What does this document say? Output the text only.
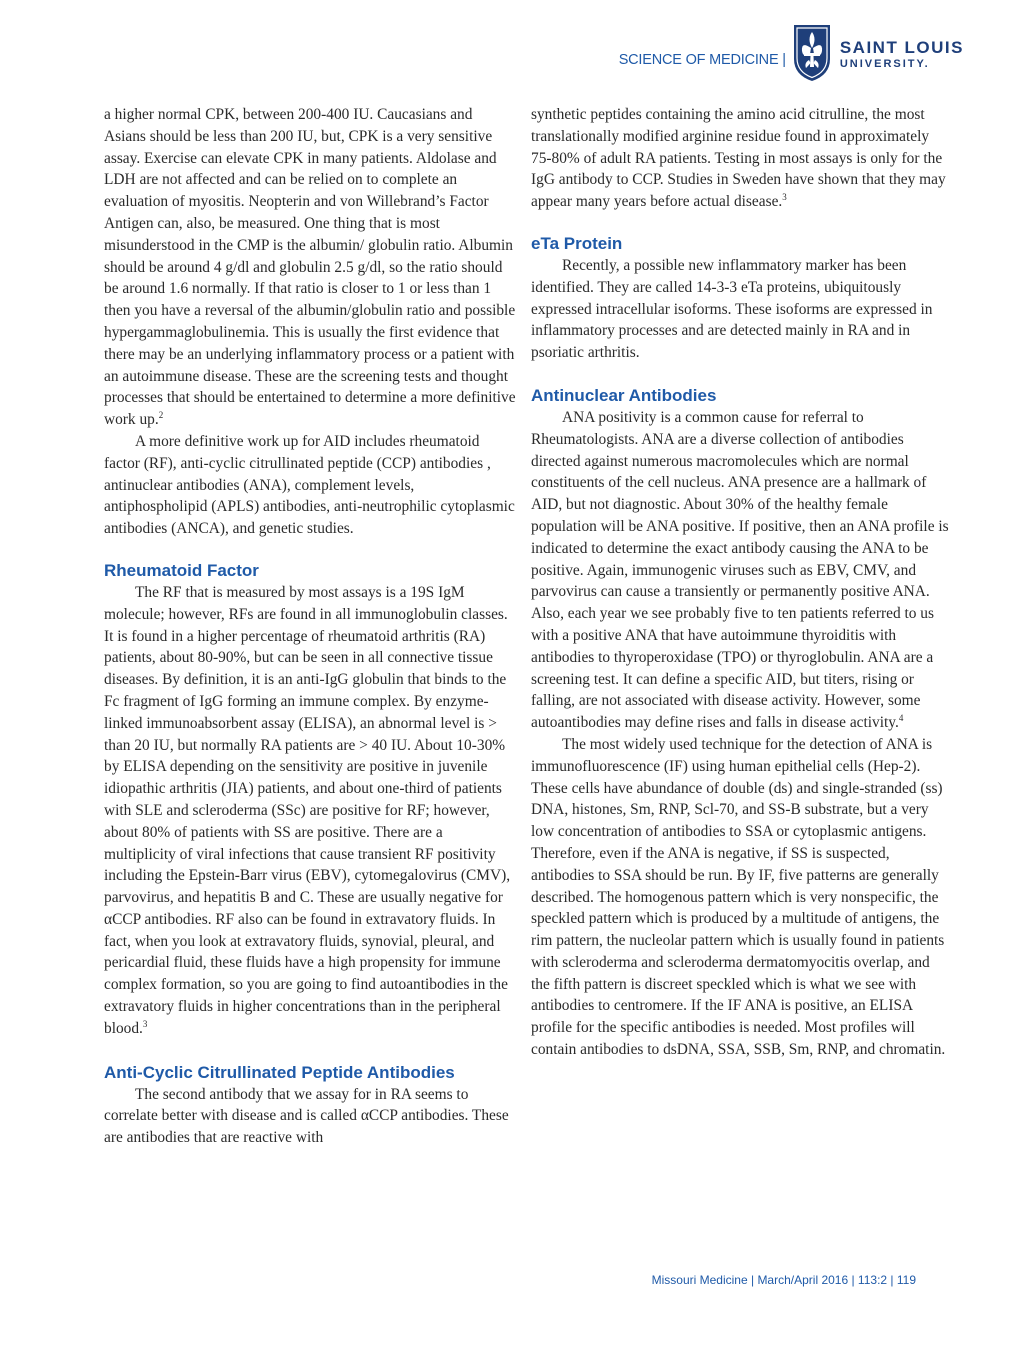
SCIENCE OF MEDICINE |
SAINT LOUIS
UNIVERSITY.

a higher normal CPK, between 200-400 IU. Caucasians and Asians should be less than 200 IU, but, CPK is a very sensitive assay. Exercise can elevate CPK in many patients. Aldolase and LDH are not affected and can be relied on to complete an evaluation of myositis. Neopterin and von Willebrand’s Factor Antigen can, also, be measured. One thing that is most misunderstood in the CMP is the albumin/ globulin ratio. Albumin should be around 4 g/dl and globulin 2.5 g/dl, so the ratio should be around 1.6 normally. If that ratio is closer to 1 or less than 1 then you have a reversal of the albumin/globulin ratio and possible hypergammaglobulinemia. This is usually the first evidence that there may be an underlying inflammatory process or a patient with an autoimmune disease. These are the screening tests and thought processes that should be entertained to determine a more definitive work up.$^2$

A more definitive work up for AID includes rheumatoid factor (RF), anti-cyclic citrullinated peptide (CCP) antibodies , antinuclear antibodies (ANA), complement levels, antiphospholipid (APLS) antibodies, anti-neutrophilic cytoplasmic antibodies (ANCA), and genetic studies.

Rheumatoid Factor

The RF that is measured by most assays is a 19S IgM molecule; however, RFs are found in all immunoglobulin classes. It is found in a higher percentage of rheumatoid arthritis (RA) patients, about 80-90%, but can be seen in all connective tissue diseases. By definition, it is an anti-IgG globulin that binds to the Fc fragment of IgG forming an immune complex. By enzyme-linked immunoabsorbent assay (ELISA), an abnormal level is > than 20 IU, but normally RA patients are > 40 IU. About 10-30% by ELISA depending on the sensitivity are positive in juvenile idiopathic arthritis (JIA) patients, and about one-third of patients with SLE and scleroderma (SSc) are positive for RF; however, about 80% of patients with SS are positive. There are a multiplicity of viral infections that cause transient RF positivity including the Epstein-Barr virus (EBV), cytomegalovirus (CMV), parvovirus, and hepatitis B and C. These are usually negative for αCCP antibodies. RF also can be found in extravatory fluids. In fact, when you look at extravatory fluids, synovial, pleural, and pericardial fluid, these fluids have a high propensity for immune complex formation, so you are going to find autoantibodies in the extravatory fluids in higher concentrations than in the peripheral blood.$^3$

Anti-Cyclic Citrullinated Peptide Antibodies

The second antibody that we assay for in RA seems to correlate better with disease and is called αCCP antibodies. These are antibodies that are reactive with

synthetic peptides containing the amino acid citrulline, the most translationally modified arginine residue found in approximately 75-80% of adult RA patients. Testing in most assays is only for the IgG antibody to CCP. Studies in Sweden have shown that they may appear many years before actual disease.$^3$

eTa Protein

Recently, a possible new inflammatory marker has been identified. They are called 14-3-3 eTa proteins, ubiquitously expressed intracellular isoforms. These isoforms are expressed in inflammatory processes and are detected mainly in RA and in psoriatic arthritis.

Antinuclear Antibodies

ANA positivity is a common cause for referral to Rheumatologists. ANA are a diverse collection of antibodies directed against numerous macromolecules which are normal constituents of the cell nucleus. ANA presence are a hallmark of AID, but not diagnostic. About 30% of the healthy female population will be ANA positive. If positive, then an ANA profile is indicated to determine the exact antibody causing the ANA to be positive. Again, immunogenic viruses such as EBV, CMV, and parvovirus can cause a transiently or permanently positive ANA. Also, each year we see probably five to ten patients referred to us with a positive ANA that have autoimmune thyroiditis with antibodies to thyroperoxidase (TPO) or thyroglobulin. ANA are a screening test. It can define a specific AID, but titers, rising or falling, are not associated with disease activity. However, some autoantibodies may define rises and falls in disease activity.$^4$

The most widely used technique for the detection of ANA is immunofluorescence (IF) using human epithelial cells (Hep-2). These cells have abundance of double (ds) and single-stranded (ss) DNA, histones, Sm, RNP, Scl-70, and SS-B substrate, but a very low concentration of antibodies to SSA or cytoplasmic antigens. Therefore, even if the ANA is negative, if SS is suspected, antibodies to SSA should be run. By IF, five patterns are generally described. The homogenous pattern which is very nonspecific, the speckled pattern which is produced by a multitude of antigens, the rim pattern, the nucleolar pattern which is usually found in patients with scleroderma and scleroderma dermatomyocitis overlap, and the fifth pattern is discreet speckled which is what we see with antibodies to centromere. If the IF ANA is positive, an ELISA profile for the specific antibodies is needed. Most profiles will contain antibodies to dsDNA, SSA, SSB, Sm, RNP, and chromatin.

Missouri Medicine | March/April 2016 | 113:2 | 119
